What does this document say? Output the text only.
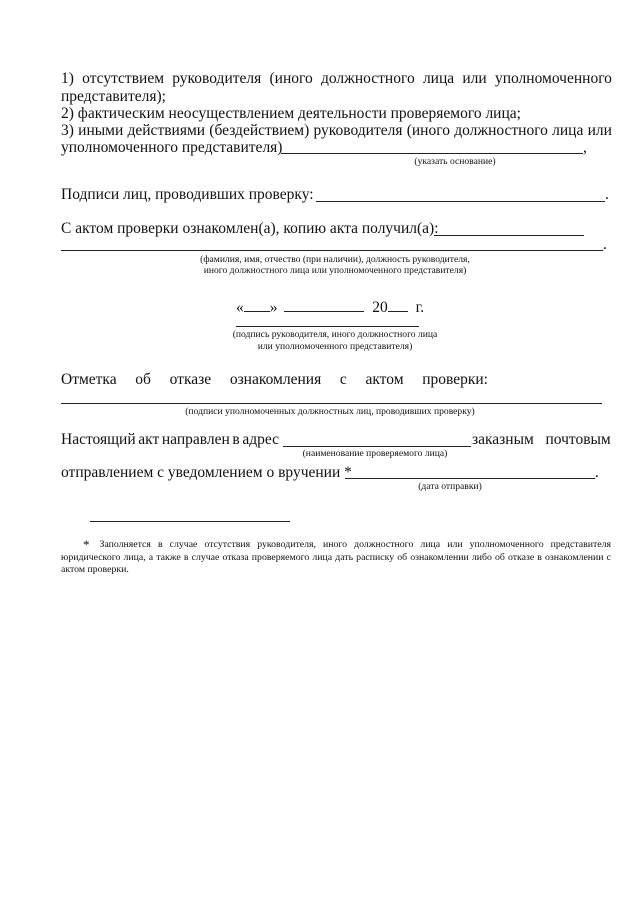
1) отсутствием руководителя (иного должностного лица или уполномоченного
представителя);
2) фактическим неосуществлением деятельности проверяемого лица;
3) иными действиями (бездействием) руководителя (иного должностного лица или
уполномоченного представителя)	,
(указать основание)
Подписи лиц, проводивших проверку:	.
С актом проверки ознакомлен(а), копию акта получил(а):
.
(фамилия, имя, отчество (при наличии), должность руководителя,
иного должностного лица или уполномоченного представителя)
« »	20 г.
(подпись руководителя, иного должностного лица
или уполномоченного представителя)
Отметка об отказе ознакомления с актом проверки:
(подписи уполномоченных должностных лиц, проводивших проверку)
Настоящий акт направлен в адрес	заказным   почтовым
(наименование проверяемого лица)
отправлением с уведомлением о вручении *	.
(дата отправки)
* Заполняется в случае отсутствия руководителя, иного должностного лица или уполномоченного представителя юридического лица, а также в случае отказа проверяемого лица дать расписку об ознакомлении либо об отказе в ознакомлении с актом проверки.
